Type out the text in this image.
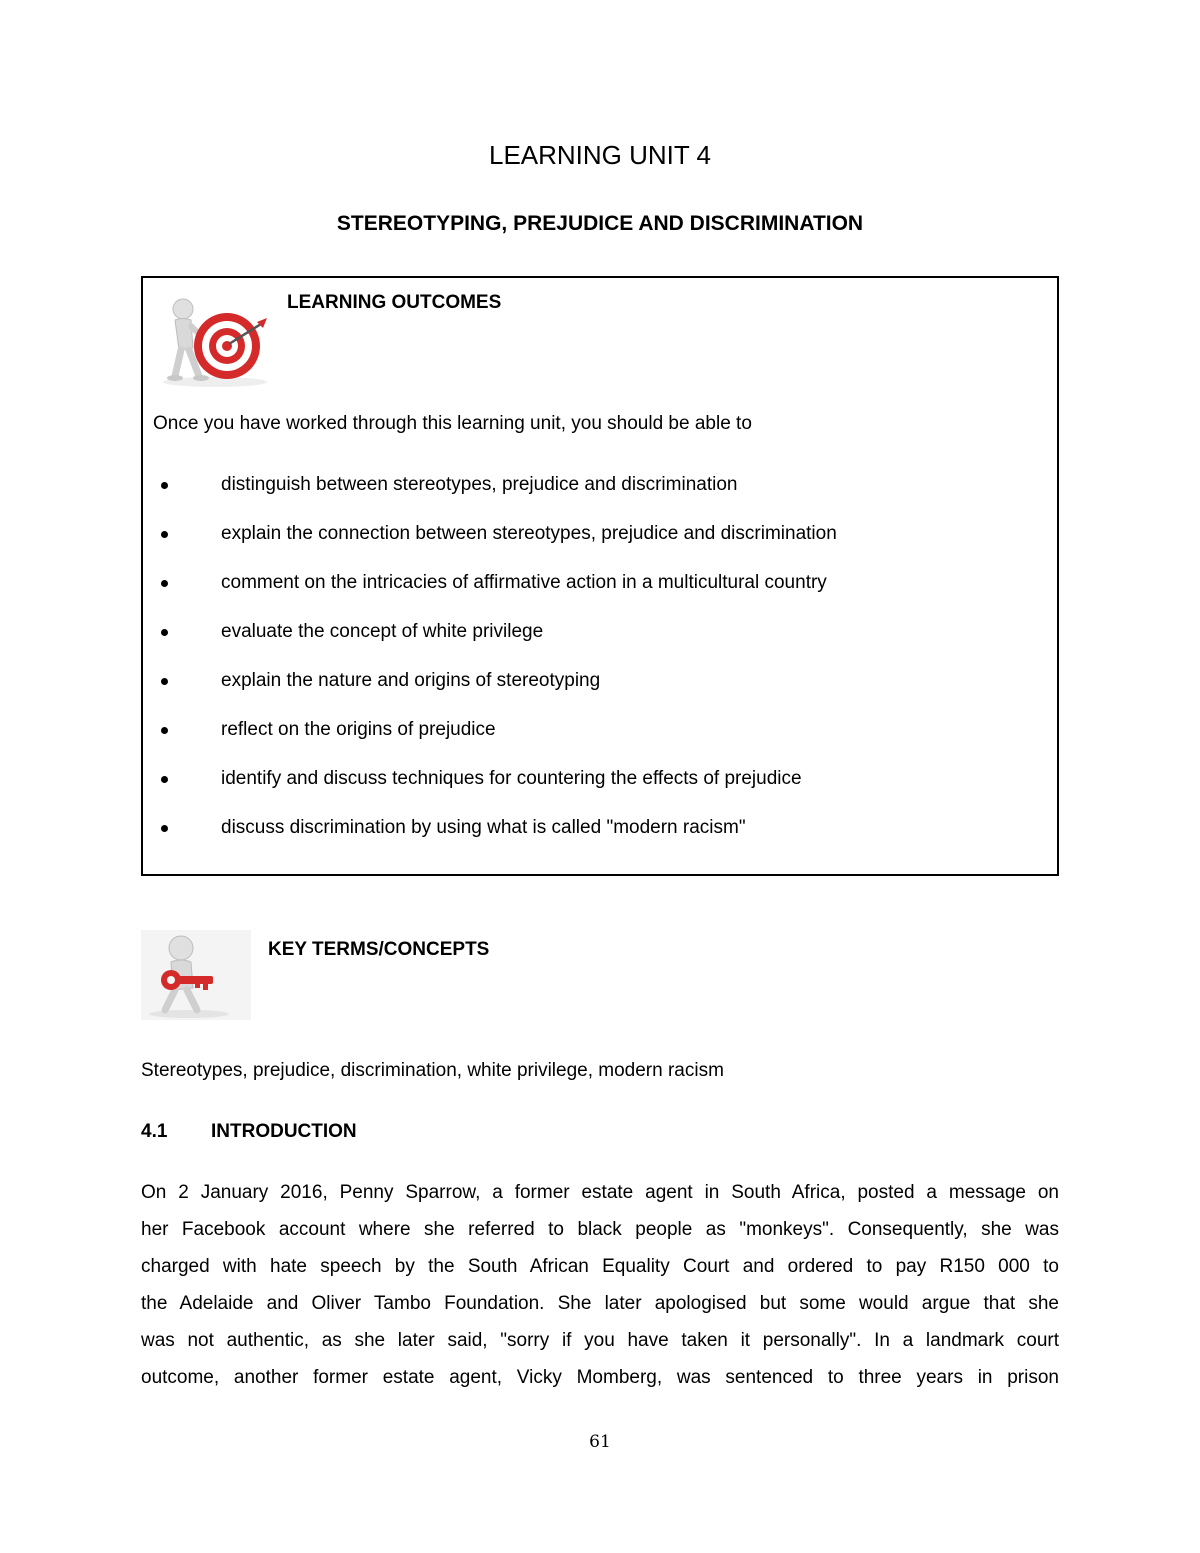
LEARNING UNIT 4
STEREOTYPING, PREJUDICE AND DISCRIMINATION
LEARNING OUTCOMES

Once you have worked through this learning unit, you should be able to

distinguish between stereotypes, prejudice and discrimination
explain the connection between stereotypes, prejudice and discrimination
comment on the intricacies of affirmative action in a multicultural country
evaluate the concept of white privilege
explain the nature and origins of stereotyping
reflect on the origins of prejudice
identify and discuss techniques for countering the effects of prejudice
discuss discrimination by using what is called "modern racism"
KEY TERMS/CONCEPTS

Stereotypes, prejudice, discrimination, white privilege, modern racism

4.1 INTRODUCTION

On 2 January 2016, Penny Sparrow, a former estate agent in South Africa, posted a message on
her Facebook account where she referred to black people as "monkeys". Consequently, she was
charged with hate speech by the South African Equality Court and ordered to pay R150 000 to
the Adelaide and Oliver Tambo Foundation. She later apologised but some would argue that she
was not authentic, as she later said, "sorry if you have taken it personally". In a landmark court
outcome, another former estate agent, Vicky Momberg, was sentenced to three years in prison

61
